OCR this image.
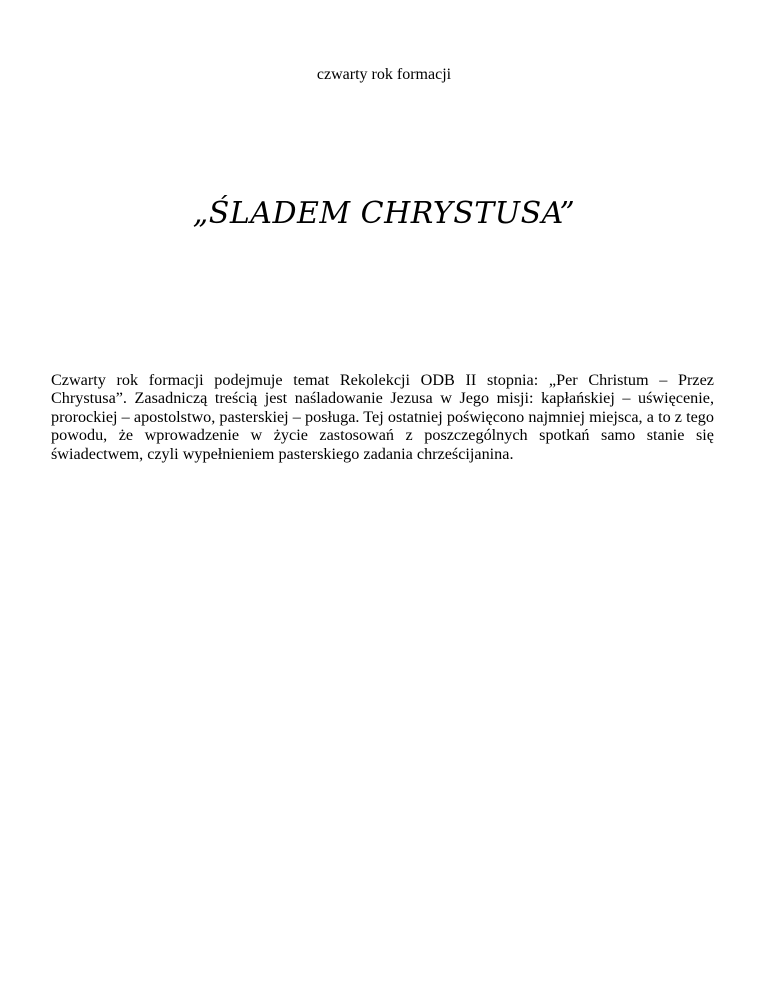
czwarty rok formacji
„ŚLADEM CHRYSTUSA”

Czwarty rok formacji podejmuje temat Rekolekcji ODB II stopnia: „Per Christum – Przez Chrystusa”. Zasadniczą treścią jest naśladowanie Jezusa w Jego misji: kapłańskiej – uświęcenie, prorockiej – apostolstwo, pasterskiej – posługa. Tej ostatniej poświęcono najmniej miejsca, a to z tego powodu, że wprowadzenie w życie zastosowań z poszczególnych spotkań samo stanie się świadectwem, czyli wypełnieniem pasterskiego zadania chrześcijanina.
